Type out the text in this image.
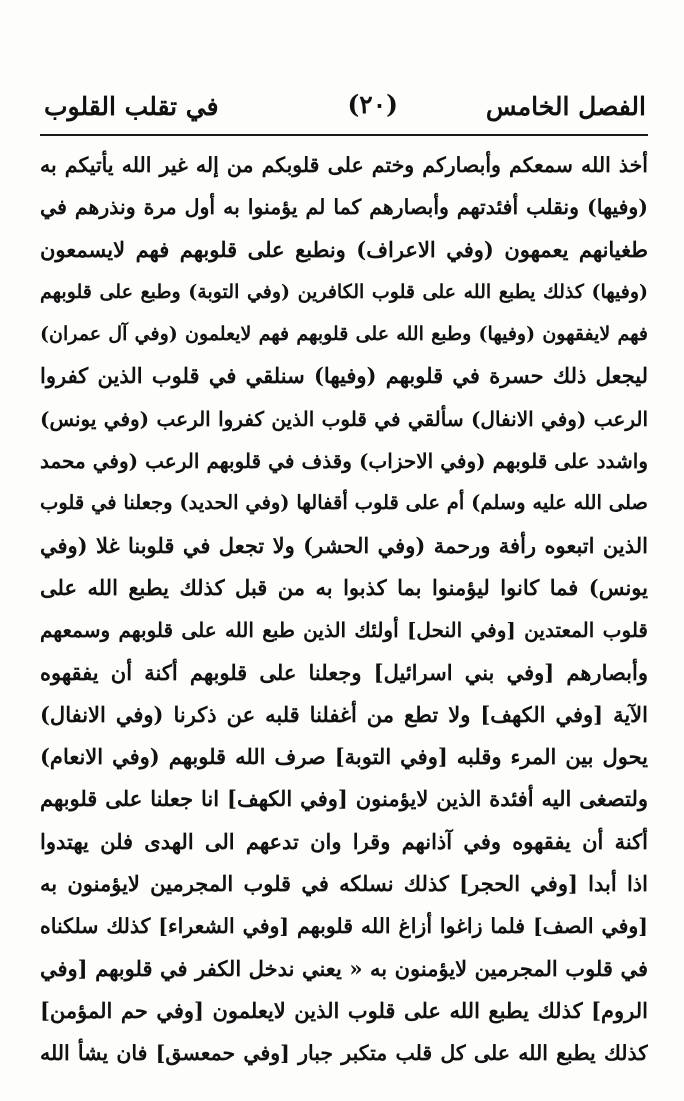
الفصل الخامس
(٢٠)
في تقلب القلوب
أخذ الله سمعكم وأبصاركم وختم على قلوبكم من إله غير الله يأتيكم به
(وفيها) ونقلب أفئدتهم وأبصارهم كما لم يؤمنوا به أول مرة ونذرهم في
طغيانهم يعمهون (وفي الاعراف) ونطبع على قلوبهم فهم لايسمعون
(وفيها) كذلك يطبع الله على قلوب الكافرين (وفي التوبة) وطبع على قلوبهم
فهم لايفقهون (وفيها) وطبع الله على قلوبهم فهم لايعلمون (وفي آل عمران)
ليجعل ذلك حسرة في قلوبهم (وفيها) سنلقي في قلوب الذين كفروا
الرعب (وفي الانفال) سألقي في قلوب الذين كفروا الرعب (وفي يونس)
واشدد على قلوبهم (وفي الاحزاب) وقذف في قلوبهم الرعب (وفي محمد
صلى الله عليه وسلم) أم على قلوب أقفالها (وفي الحديد) وجعلنا في قلوب
الذين اتبعوه رأفة ورحمة (وفي الحشر) ولا تجعل في قلوبنا غلا (وفي
يونس) فما كانوا ليؤمنوا بما كذبوا به من قبل كذلك يطبع الله على
قلوب المعتدين [وفي النحل] أولئك الذين طبع الله على قلوبهم وسمعهم
وأبصارهم [وفي بني اسرائيل] وجعلنا على قلوبهم أكنة أن يفقهوه
الآية [وفي الكهف] ولا تطع من أغفلنا قلبه عن ذكرنا (وفي الانفال)
يحول بين المرء وقلبه [وفي التوبة] صرف الله قلوبهم (وفي الانعام)
ولتصغى اليه أفئدة الذين لايؤمنون [وفي الكهف] انا جعلنا على قلوبهم
أكنة أن يفقهوه وفي آذانهم وقرا وان تدعهم الى الهدى فلن يهتدوا
اذا أبدا [وفي الحجر] كذلك نسلكه في قلوب المجرمين لايؤمنون به
[وفي الصف] فلما زاغوا أزاغ الله قلوبهم [وفي الشعراء] كذلك سلكناه
في قلوب المجرمين لايؤمنون به « يعني ندخل الكفر في قلوبهم [وفي
الروم] كذلك يطبع الله على قلوب الذين لايعلمون [وفي حم المؤمن]
كذلك يطبع الله على كل قلب متكبر جبار [وفي حمعسق] فان يشأ الله
